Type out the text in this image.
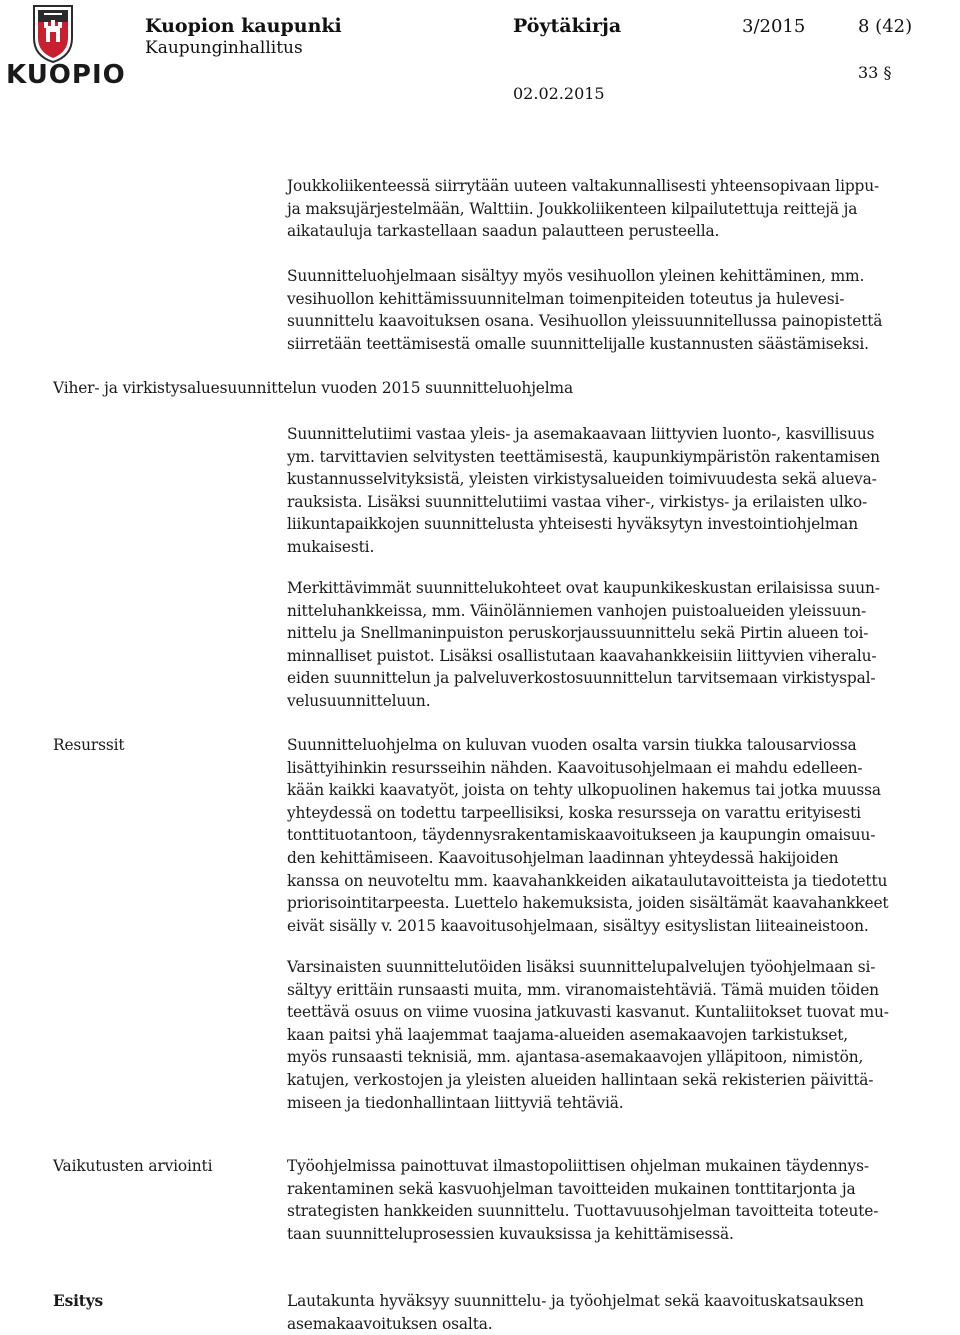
KUOPIO
Kuopion kaupunki
Kaupunginhallitus
Pöytäkirja	3/2015	8 (42)
33 §
02.02.2015
Joukkoliikenteessä siirrytään uuteen valtakunnallisesti yhteensopivaan lippu-
ja maksujärjestelmään, Walttiin. Joukkoliikenteen kilpailutettuja reittejä ja
aikatauluja tarkastellaan saadun palautteen perusteella.
Suunnitteluohjelmaan sisältyy myös vesihuollon yleinen kehittäminen, mm.
vesihuollon kehittämissuunnitelman toimenpiteiden toteutus ja hulevesi-
suunnittelu kaavoituksen osana. Vesihuollon yleissuunnitellussa painopistettä
siirretään teettämisestä omalle suunnittelijalle kustannusten säästämiseksi.
Viher- ja virkistysaluesuunnittelun vuoden 2015 suunnitteluohjelma
Suunnittelutiimi vastaa yleis- ja asemakaavaan liittyvien luonto-, kasvillisuus
ym. tarvittavien selvitysten teettämisestä, kaupunkiympäristön rakentamisen
kustannusselvityksistä, yleisten virkistysalueiden toimivuudesta sekä alueva-
rauksista. Lisäksi suunnittelutiimi vastaa viher-, virkistys- ja erilaisten ulko-
liikuntapaikkojen suunnittelusta yhteisesti hyväksytyn investointiohjelman
mukaisesti.
Merkittävimmät suunnittelukohteet ovat kaupunkikeskustan erilaisissa suun-
nitteluhankkeissa, mm. Väinölänniemen vanhojen puistoalueiden yleissuun-
nittelu ja Snellmaninpuiston peruskorjaussuunnittelu sekä Pirtin alueen toi-
minnalliset puistot. Lisäksi osallistutaan kaavahankkeisiin liittyvien viheralu-
eiden suunnittelun ja palveluverkostosuunnittelun tarvitsemaan virkistyspal-
velusuunnitteluun.
Resurssit	Suunnitteluohjelma on kuluvan vuoden osalta varsin tiukka talousarviossa
lisättyihinkin resursseihin nähden. Kaavoitusohjelmaan ei mahdu edelleen-
kään kaikki kaavatyöt, joista on tehty ulkopuolinen hakemus tai jotka muussa
yhteydessä on todettu tarpeellisiksi, koska resursseja on varattu erityisesti
tonttituotantoon, täydennysrakentamiskaavoitukseen ja kaupungin omaisuu-
den kehittämiseen. Kaavoitusohjelman laadinnan yhteydessä hakijoiden
kanssa on neuvoteltu mm. kaavahankkeiden aikataulutavoitteista ja tiedotettu
priorisointitarpeesta. Luettelo hakemuksista, joiden sisältämät kaavahankkeet
eivät sisälly v. 2015 kaavoitusohjelmaan, sisältyy esityslistan liiteaineistoon.
Varsinaisten suunnittelutöiden lisäksi suunnittelupalvelujen työohjelmaan si-
sältyy erittäin runsaasti muita, mm. viranomaistehtäviä. Tämä muiden töiden
teettävä osuus on viime vuosina jatkuvasti kasvanut. Kuntaliitokset tuovat mu-
kaan paitsi yhä laajemmat taajama-alueiden asemakaavojen tarkistukset,
myös runsaasti teknisiä, mm. ajantasa-asemakaavojen ylläpitoon, nimistön,
katujen, verkostojen ja yleisten alueiden hallintaan sekä rekisterien päivittä-
miseen ja tiedonhallintaan liittyviä tehtäviä.
Vaikutusten arviointi	Työohjelmissa painottuvat ilmastopoliittisen ohjelman mukainen täydennys-
rakentaminen sekä kasvuohjelman tavoitteiden mukainen tonttitarjonta ja
strategisten hankkeiden suunnittelu. Tuottavuusohjelman tavoitteita toteute-
taan suunnitteluprosessien kuvauksissa ja kehittämisessä.
Esitys	Lautakunta hyväksyy suunnittelu- ja työohjelmat sekä kaavoituskatsauksen
asemakaavoituksen osalta.
